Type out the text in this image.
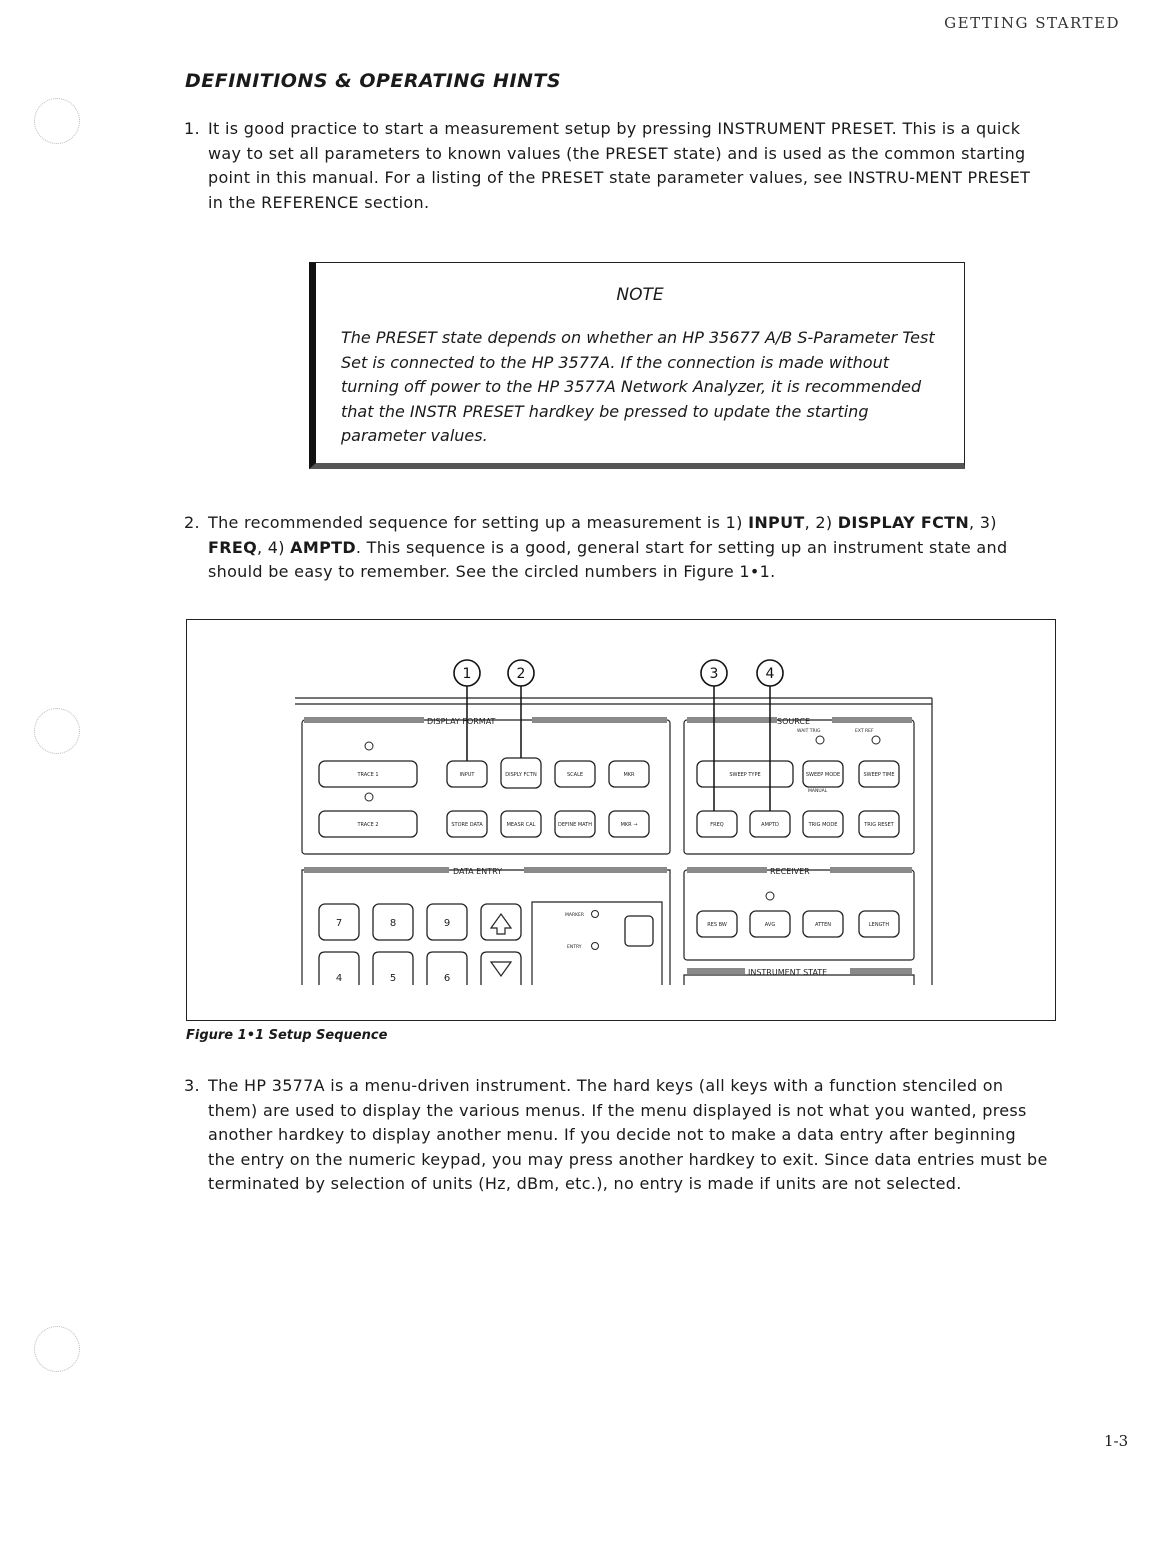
GETTING STARTED
DEFINITIONS & OPERATING HINTS
1. It is good practice to start a measurement setup by pressing INSTRUMENT PRESET. This is a quick way to set all parameters to known values (the PRESET state) and is used as the common starting point in this manual. For a listing of the PRESET state parameter values, see INSTRU-MENT PRESET in the REFERENCE section.
NOTE
The PRESET state depends on whether an HP 35677 A/B S-Parameter Test Set is connected to the HP 3577A. If the connection is made without turning off power to the HP 3577A Network Analyzer, it is recommended that the INSTR PRESET hardkey be pressed to update the starting parameter values.
2. The recommended sequence for setting up a measurement is 1) INPUT, 2) DISPLAY FCTN, 3) FREQ, 4) AMPTD. This sequence is a good, general start for setting up an instrument state and should be easy to remember. See the circled numbers in Figure 1•1.
DISPLAY FORMAT	SOURCE
DATA ENTRY	RECEIVER
INSTRUMENT STATE
WAIT TRIG	EXT REF
MARKER
ENTRY
MANUAL
TRACE 1
TRACE 2
INPUT	DISPLY FCTN	SCALE	MKR
STORE DATA	MEASR CAL	DEFINE MATH	MKR →
SWEEP TYPE	SWEEP MODE	SWEEP TIME
FREQ	AMPTD	TRIG MODE	TRIG RESET
RES BW	AVG	ATTEN	LENGTH
7	8	9
4	5	6
1	2	3	4
Figure 1•1 Setup Sequence
3. The HP 3577A is a menu-driven instrument. The hard keys (all keys with a function stenciled on them) are used to display the various menus. If the menu displayed is not what you wanted, press another hardkey to display another menu. If you decide not to make a data entry after beginning the entry on the numeric keypad, you may press another hardkey to exit. Since data entries must be terminated by selection of units (Hz, dBm, etc.), no entry is made if units are not selected.
1-3
